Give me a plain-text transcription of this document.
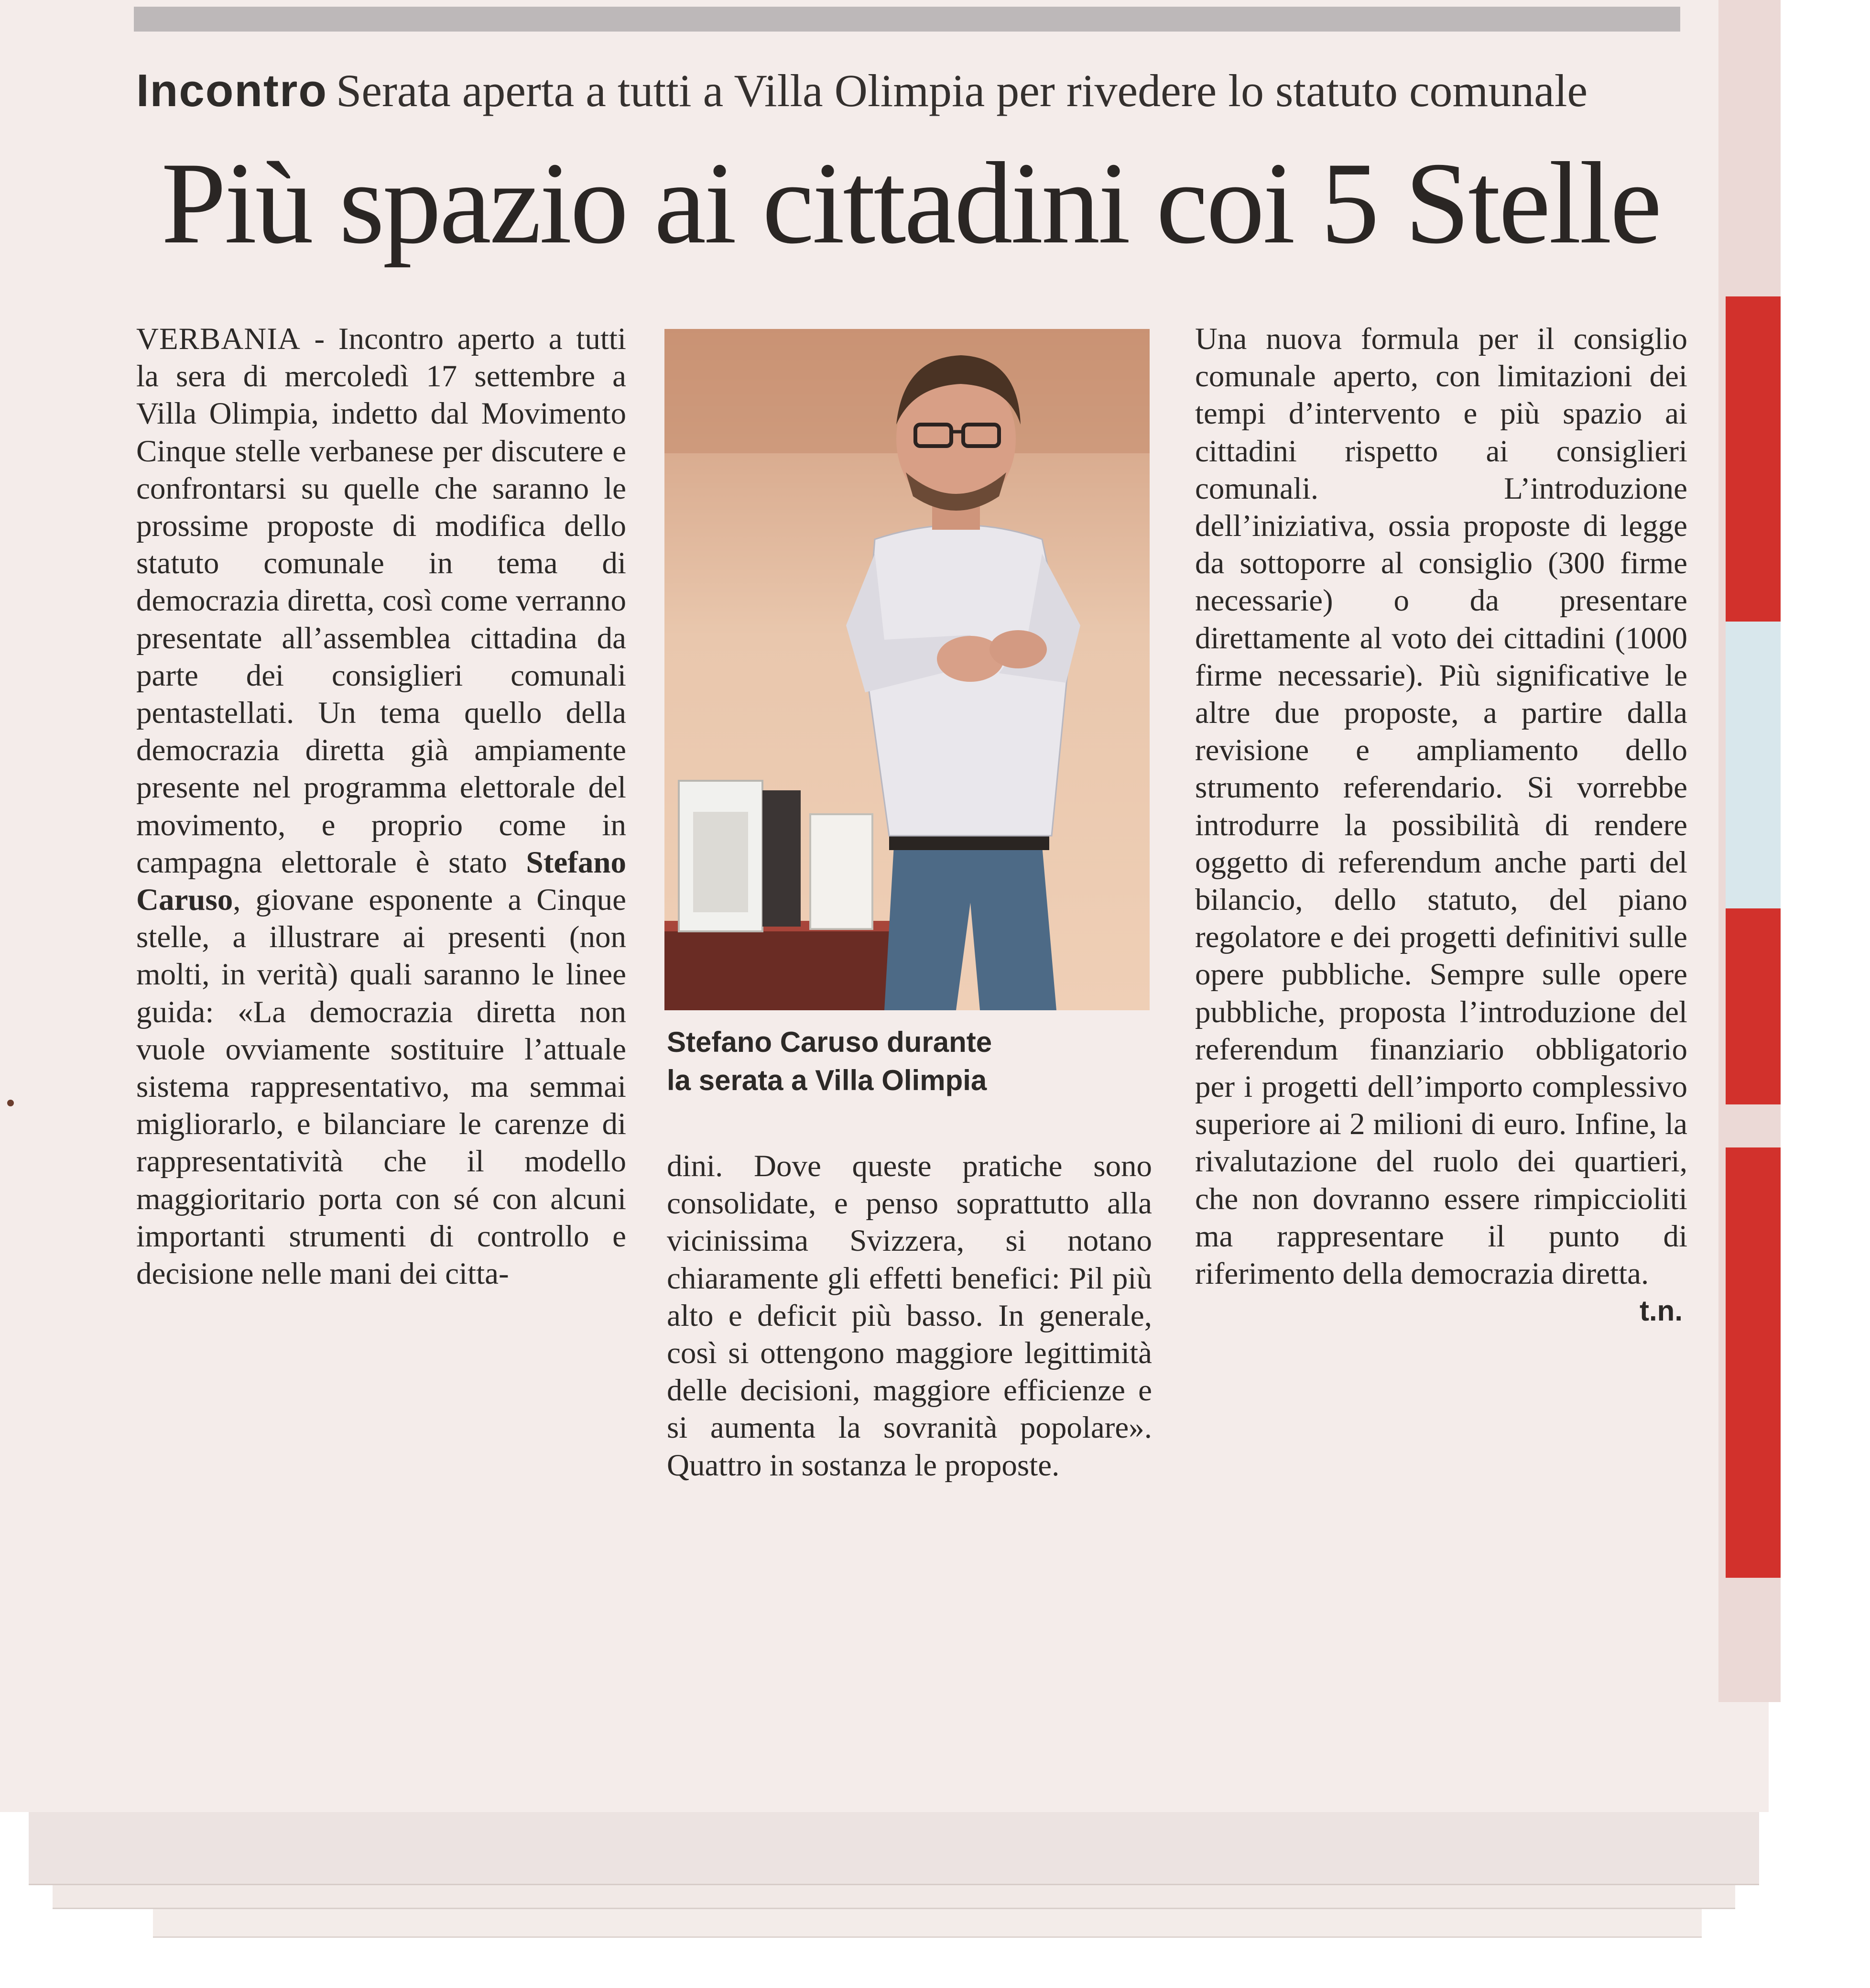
Incontro Serata aperta a tutti a Villa Olimpia per rivedere lo statuto comunale
Più spazio ai cittadini coi 5 Stelle

VERBANIA - Incontro aperto a tutti la sera di mercoledì 17 settembre a Villa Olimpia, indetto dal Movimento Cinque stelle verbanese per discutere e confrontarsi su quelle che saranno le prossime proposte di modifica dello statuto comunale in tema di democrazia diretta, così come verranno presentate all’assemblea cittadina da parte dei consiglieri comunali pentastellati. Un tema quello della democrazia diretta già ampiamente presente nel programma elettorale del movimento, e proprio come in campagna elettorale è stato Stefano Caruso, giovane esponente a Cinque stelle, a illustrare ai presenti (non molti, in verità) quali saranno le linee guida: «La democrazia diretta non vuole ovviamente sostituire l’attuale sistema rappresentativo, ma semmai migliorarlo, e bilanciare le carenze di rappresentatività che il modello maggioritario porta con sé con alcuni importanti strumenti di controllo e decisione nelle mani dei citta-

Stefano Caruso durante
la serata a Villa Olimpia

dini. Dove queste pratiche sono consolidate, e penso soprattutto alla vicinissima Svizzera, si notano chiaramente gli effetti benefici: Pil più alto e deficit più basso. In generale, così si ottengono maggiore legittimità delle decisioni, maggiore efficienze e si aumenta la sovranità popolare». Quattro in sostanza le proposte.

Una nuova formula per il consiglio comunale aperto, con limitazioni dei tempi d’intervento e più spazio ai cittadini rispetto ai consiglieri comunali. L’introduzione dell’iniziativa, ossia proposte di legge da sottoporre al consiglio (300 firme necessarie) o da presentare direttamente al voto dei cittadini (1000 firme necessarie). Più significative le altre due proposte, a partire dalla revisione e ampliamento dello strumento referendario. Si vorrebbe introdurre la possibilità di rendere oggetto di referendum anche parti del bilancio, dello statuto, del piano regolatore e dei progetti definitivi sulle opere pubbliche. Sempre sulle opere pubbliche, proposta l’introduzione del referendum finanziario obbligatorio per i progetti dell’importo complessivo superiore ai 2 milioni di euro. Infine, la rivalutazione del ruolo dei quartieri, che non dovranno essere rimpiccioliti ma rappresentare il punto di riferimento della democrazia diretta.
t.n.
